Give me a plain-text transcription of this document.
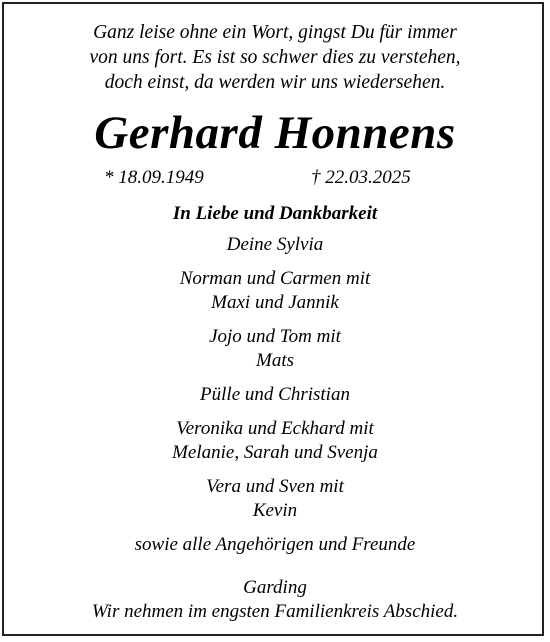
Ganz leise ohne ein Wort, gingst Du für immer
von uns fort. Es ist so schwer dies zu verstehen,
doch einst, da werden wir uns wiedersehen.
Gerhard Honnens
* 18.09.1949	† 22.03.2025
In Liebe und Dankbarkeit
Deine Sylvia
Norman und Carmen mit
Maxi und Jannik
Jojo und Tom mit
Mats
Pülle und Christian
Veronika und Eckhard mit
Melanie, Sarah und Svenja
Vera und Sven mit
Kevin
sowie alle Angehörigen und Freunde
Garding
Wir nehmen im engsten Familienkreis Abschied.
